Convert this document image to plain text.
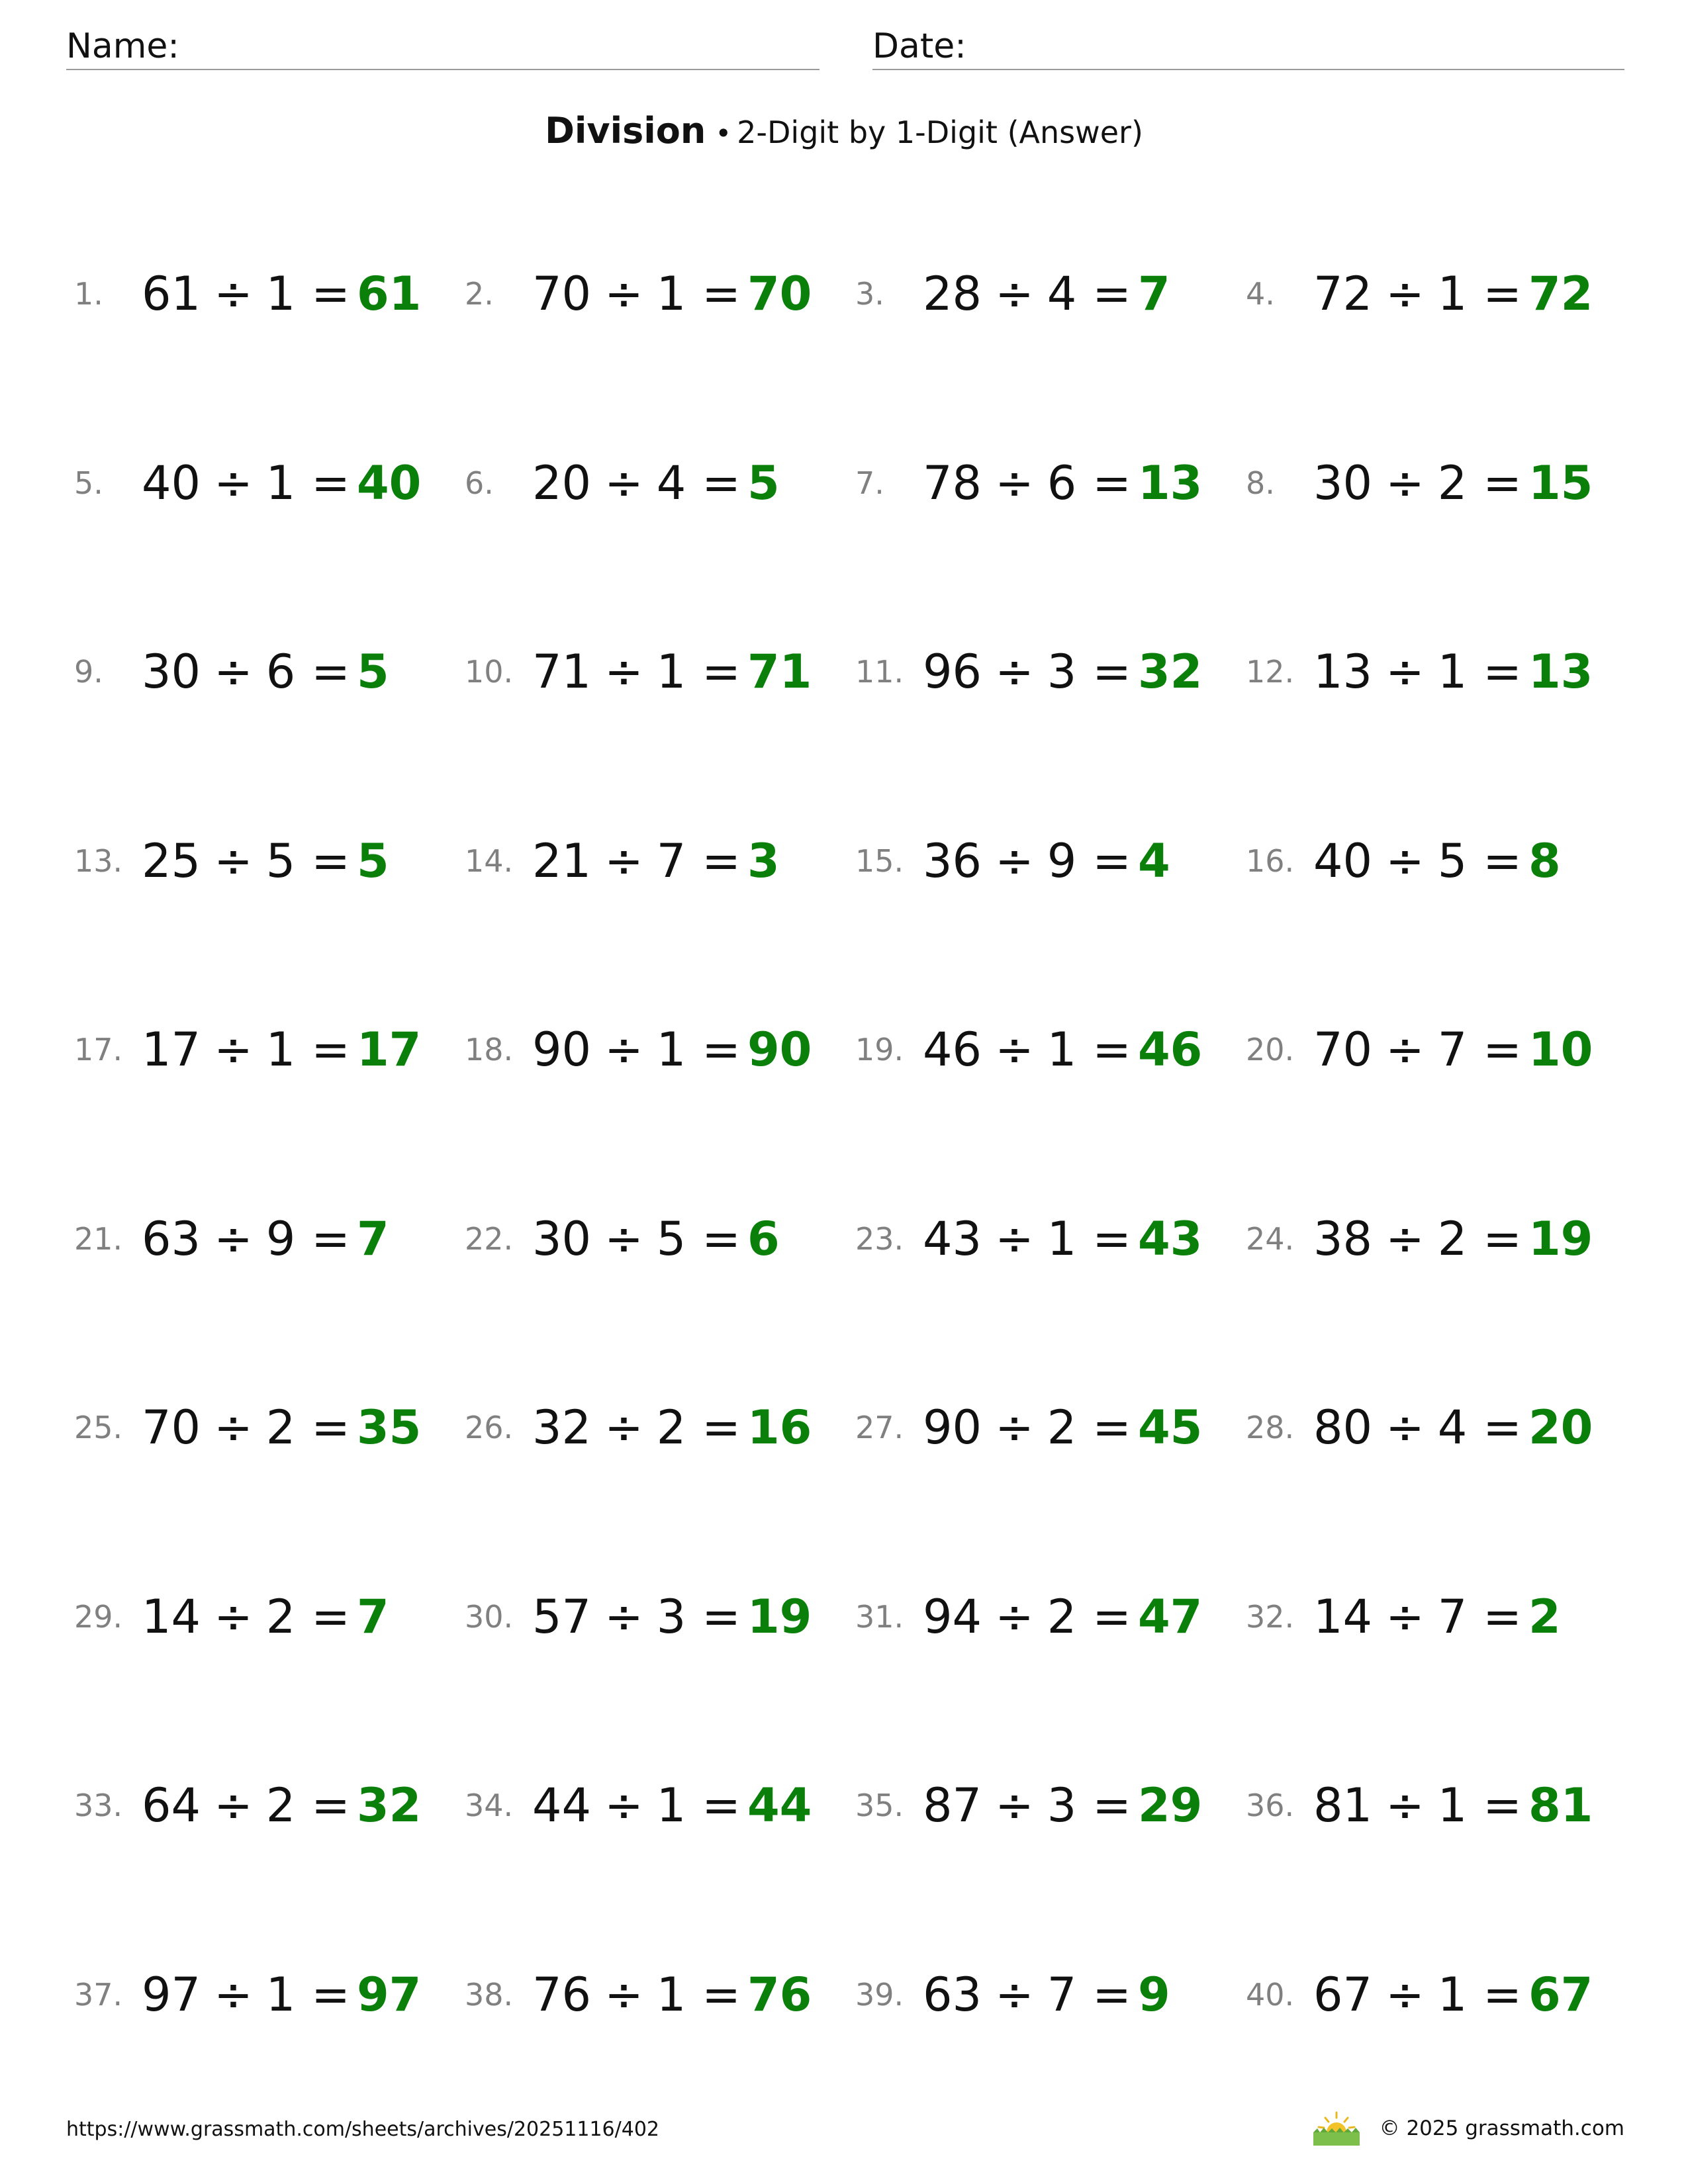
Name:	Date:
Division • 2-Digit by 1-Digit (Answer)
1. 61 ÷ 1 = 61 2. 70 ÷ 1 = 70 3. 28 ÷ 4 = 7 4. 72 ÷ 1 = 72
5. 40 ÷ 1 = 40 6. 20 ÷ 4 = 5 7. 78 ÷ 6 = 13 8. 30 ÷ 2 = 15
9. 30 ÷ 6 = 5 10. 71 ÷ 1 = 71 11. 96 ÷ 3 = 32 12. 13 ÷ 1 = 13
13. 25 ÷ 5 = 5 14. 21 ÷ 7 = 3 15. 36 ÷ 9 = 4 16. 40 ÷ 5 = 8
17. 17 ÷ 1 = 17 18. 90 ÷ 1 = 90 19. 46 ÷ 1 = 46 20. 70 ÷ 7 = 10
21. 63 ÷ 9 = 7 22. 30 ÷ 5 = 6 23. 43 ÷ 1 = 43 24. 38 ÷ 2 = 19
25. 70 ÷ 2 = 35 26. 32 ÷ 2 = 16 27. 90 ÷ 2 = 45 28. 80 ÷ 4 = 20
29. 14 ÷ 2 = 7 30. 57 ÷ 3 = 19 31. 94 ÷ 2 = 47 32. 14 ÷ 7 = 2
33. 64 ÷ 2 = 32 34. 44 ÷ 1 = 44 35. 87 ÷ 3 = 29 36. 81 ÷ 1 = 81
37. 97 ÷ 1 = 97 38. 76 ÷ 1 = 76 39. 63 ÷ 7 = 9 40. 67 ÷ 1 = 67
https://www.grassmath.com/sheets/archives/20251116/402	© 2025 grassmath.com
